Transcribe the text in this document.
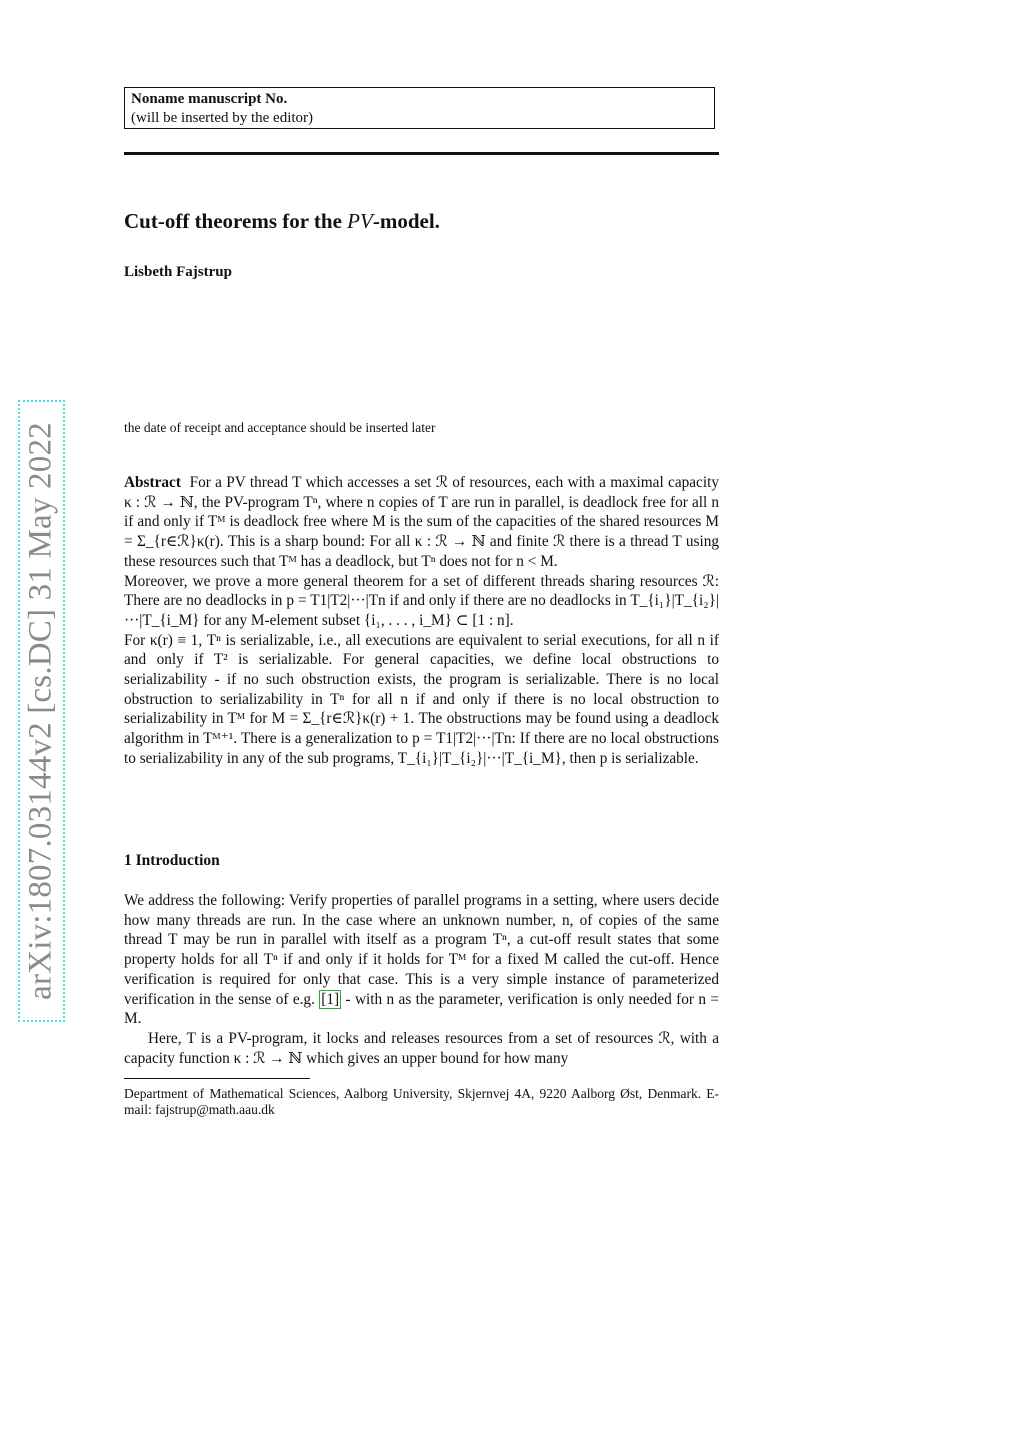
Noname manuscript No.
(will be inserted by the editor)
Cut-off theorems for the PV-model.
Lisbeth Fajstrup
the date of receipt and acceptance should be inserted later

Abstract For a PV thread T which accesses a set ℛ of resources, each with a maximal capacity κ : ℛ → ℕ, the PV-program Tⁿ, where n copies of T are run in parallel, is deadlock free for all n if and only if Tᴹ is deadlock free where M is the sum of the capacities of the shared resources M = Σ_{r∈ℛ}κ(r). This is a sharp bound: For all κ : ℛ → ℕ and finite ℛ there is a thread T using these resources such that Tᴹ has a deadlock, but Tⁿ does not for n < M.

Moreover, we prove a more general theorem for a set of different threads sharing resources ℛ: There are no deadlocks in p = T1|T2|···|Tn if and only if there are no deadlocks in T_{i₁}|T_{i₂}|···|T_{i_M} for any M-element subset {i₁, . . . , i_M} ⊂ [1 : n].

For κ(r) ≡ 1, Tⁿ is serializable, i.e., all executions are equivalent to serial executions, for all n if and only if T² is serializable. For general capacities, we define local obstructions to serializability - if no such obstruction exists, the program is serializable. There is no local obstruction to serializability in Tⁿ for all n if and only if there is no local obstruction to serializability in Tᴹ for M = Σ_{r∈ℛ}κ(r) + 1. The obstructions may be found using a deadlock algorithm in Tᴹ⁺¹. There is a generalization to p = T1|T2|···|Tn: If there are no local obstructions to serializability in any of the sub programs, T_{i₁}|T_{i₂}|···|T_{i_M}, then p is serializable.

1 Introduction

We address the following: Verify properties of parallel programs in a setting, where users decide how many threads are run. In the case where an unknown number, n, of copies of the same thread T may be run in parallel with itself as a program Tⁿ, a cut-off result states that some property holds for all Tⁿ if and only if it holds for Tᴹ for a fixed M called the cut-off. Hence verification is required for only that case. This is a very simple instance of parameterized verification in the sense of e.g. [1] - with n as the parameter, verification is only needed for n = M.

Here, T is a PV-program, it locks and releases resources from a set of resources ℛ, with a capacity function κ : ℛ → ℕ which gives an upper bound for how many

Department of Mathematical Sciences, Aalborg University, Skjernvej 4A, 9220 Aalborg Øst, Denmark. E-mail: fajstrup@math.aau.dk
arXiv:1807.03144v2 [cs.DC] 31 May 2022
